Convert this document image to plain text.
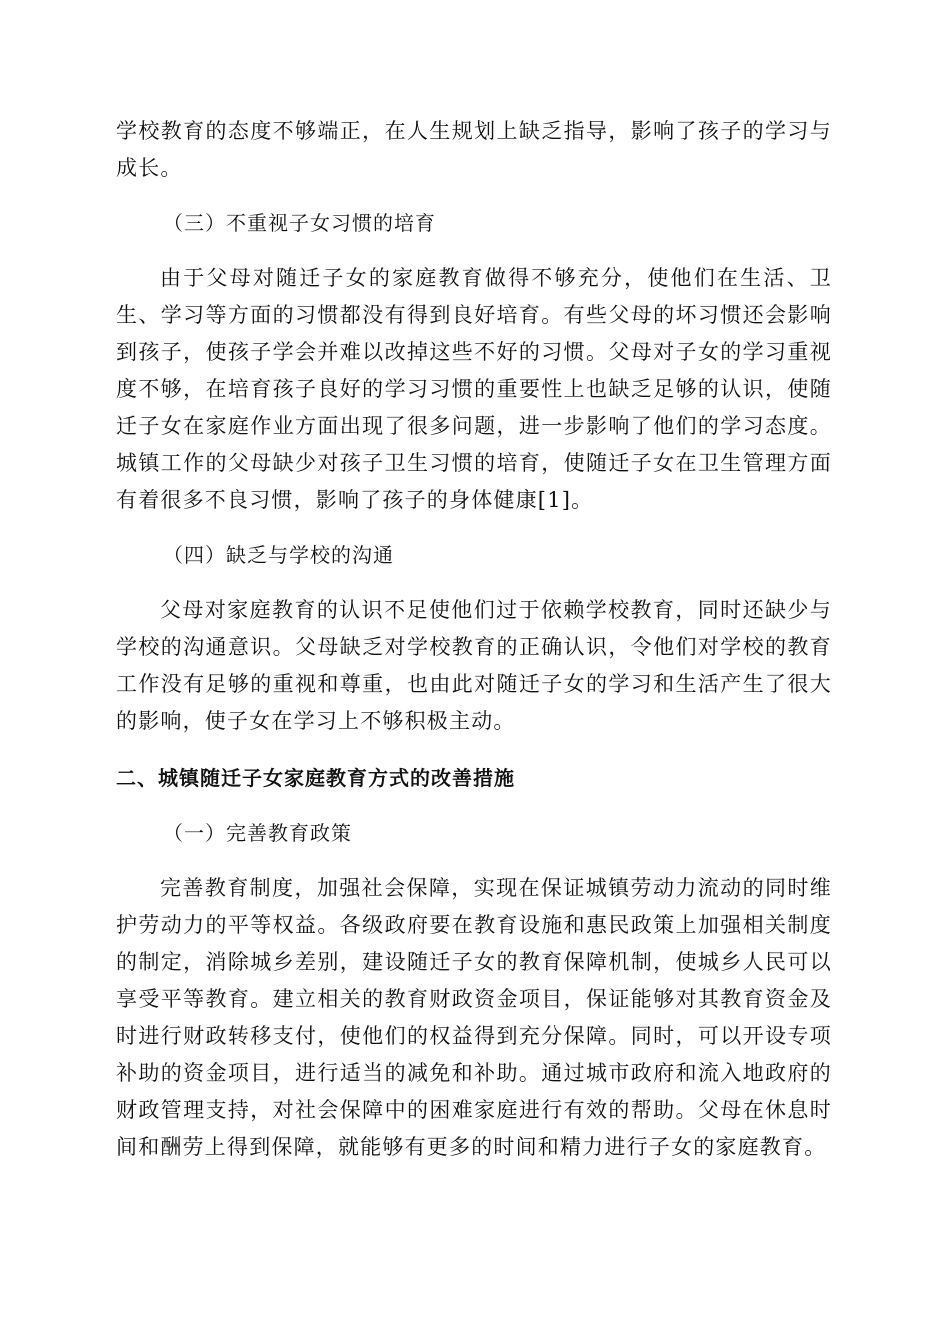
学校教育的态度不够端正，在人生规划上缺乏指导，影响了孩子的学习与成长。

（三）不重视子女习惯的培育

由于父母对随迁子女的家庭教育做得不够充分，使他们在生活、卫生、学习等方面的习惯都没有得到良好培育。有些父母的坏习惯还会影响到孩子，使孩子学会并难以改掉这些不好的习惯。父母对子女的学习重视度不够，在培育孩子良好的学习习惯的重要性上也缺乏足够的认识，使随迁子女在家庭作业方面出现了很多问题，进一步影响了他们的学习态度。城镇工作的父母缺少对孩子卫生习惯的培育，使随迁子女在卫生管理方面有着很多不良习惯，影响了孩子的身体健康[1]。

（四）缺乏与学校的沟通

父母对家庭教育的认识不足使他们过于依赖学校教育，同时还缺少与学校的沟通意识。父母缺乏对学校教育的正确认识，令他们对学校的教育工作没有足够的重视和尊重，也由此对随迁子女的学习和生活产生了很大的影响，使子女在学习上不够积极主动。

二、城镇随迁子女家庭教育方式的改善措施

（一）完善教育政策

完善教育制度，加强社会保障，实现在保证城镇劳动力流动的同时维护劳动力的平等权益。各级政府要在教育设施和惠民政策上加强相关制度的制定，消除城乡差别，建设随迁子女的教育保障机制，使城乡人民可以享受平等教育。建立相关的教育财政资金项目，保证能够对其教育资金及时进行财政转移支付，使他们的权益得到充分保障。同时，可以开设专项补助的资金项目，进行适当的减免和补助。通过城市政府和流入地政府的财政管理支持，对社会保障中的困难家庭进行有效的帮助。父母在休息时间和酬劳上得到保障，就能够有更多的时间和精力进行子女的家庭教育。
